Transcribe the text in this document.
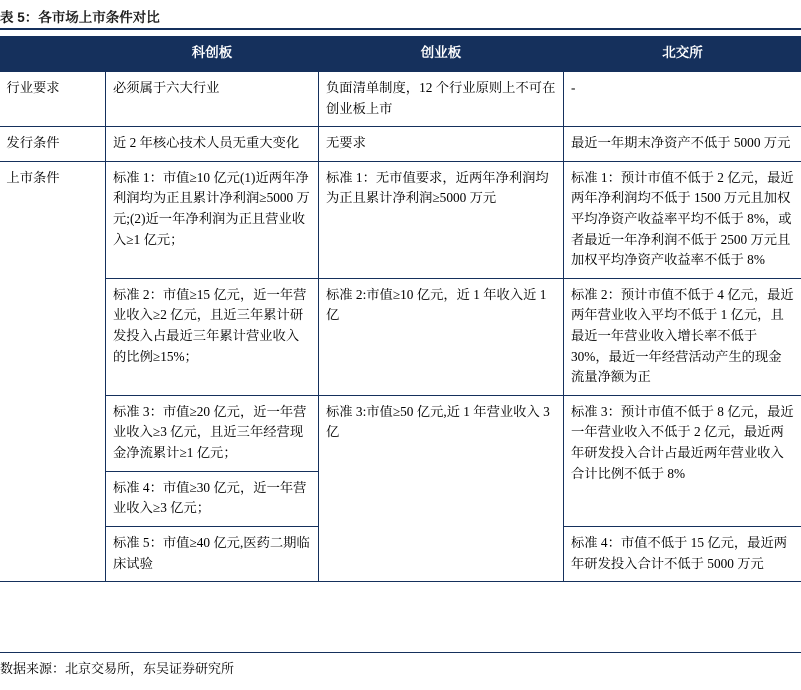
表 5：各市场上市条件对比
	科创板	创业板	北交所
行业要求	必须属于六大行业	负面清单制度，12 个行业原则上不可在创业板上市	-
发行条件	近 2 年核心技术人员无重大变化	无要求	最近一年期末净资产不低于 5000 万元
上市条件	标准 1：市值≥10 亿元(1)近两年净利润均为正且累计净利润≥5000 万元;(2)近一年净利润为正且营业收入≥1 亿元；	标准 1：无市值要求，近两年净利润均为正且累计净利润≥5000 万元	标准 1：预计市值不低于 2 亿元，最近两年净利润均不低于 1500 万元且加权平均净资产收益率平均不低于 8%，或者最近一年净利润不低于 2500 万元且加权平均净资产收益率不低于 8%
	标准 2：市值≥15 亿元，近一年营业收入≥2 亿元，且近三年累计研发投入占最近三年累计营业收入的比例≥15%；	标准 2:市值≥10 亿元，近 1 年收入近 1 亿	标准 2：预计市值不低于 4 亿元，最近两年营业收入平均不低于 1 亿元，且最近一年营业收入增长率不低于 30%，最近一年经营活动产生的现金流量净额为正
	标准 3：市值≥20 亿元，近一年营业收入≥3 亿元，且近三年经营现金净流累计≥1 亿元；	标准 3:市值≥50 亿元,近 1 年营业收入 3 亿	标准 3：预计市值不低于 8 亿元，最近一年营业收入不低于 2 亿元，最近两年研发投入合计占最近两年营业收入合计比例不低于 8%
	标准 4：市值≥30 亿元，近一年营业收入≥3 亿元；		
	标准 5：市值≥40 亿元,医药二期临床试验		标准 4：市值不低于 15 亿元，最近两年研发投入合计不低于 5000 万元
数据来源：北京交易所，东吴证券研究所
